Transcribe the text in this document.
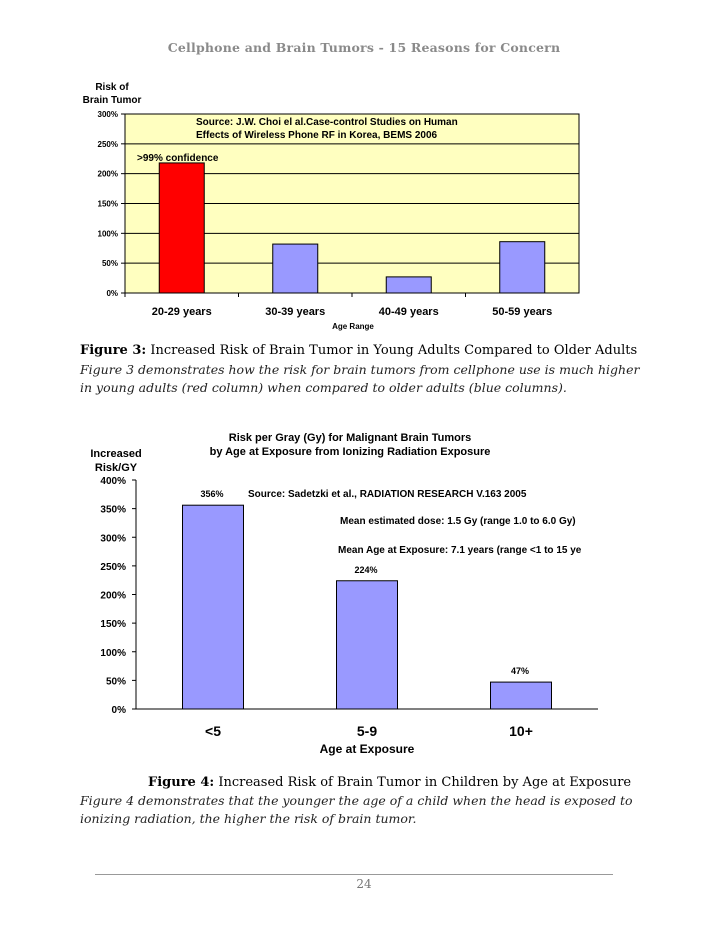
Cellphone and Brain Tumors - 15 Reasons for Concern
Risk of
Brain Tumor
0%
50%
100%
150%
200%
250%
300%
Source: J.W. Choi el al.Case-control Studies on Human
Effects of Wireless Phone RF in Korea, BEMS 2006
>99% confidence
20-29 years	30-39 years	40-49 years	50-59 years
Age Range
Figure 3: Increased Risk of Brain Tumor in Young Adults Compared to Older Adults
Figure 3 demonstrates how the risk for brain tumors from cellphone use is much higher in young adults (red column) when compared to older adults (blue columns).
Risk per Gray (Gy) for Malignant Brain Tumors
by Age at Exposure from Ionizing Radiation Exposure
Increased
Risk/GY
0%
50%
100%
150%
200%
250%
300%
350%
400%
356%
224%
47%
Source: Sadetzki et al., RADIATION RESEARCH V.163 2005
Mean estimated dose: 1.5 Gy (range 1.0 to 6.0 Gy)
Mean Age at Exposure: 7.1 years (range <1 to 15 ye
<5	5-9	10+
Age at Exposure
Figure 4: Increased Risk of Brain Tumor in Children by Age at Exposure
Figure 4 demonstrates that the younger the age of a child when the head is exposed to ionizing radiation, the higher the risk of brain tumor.
24
